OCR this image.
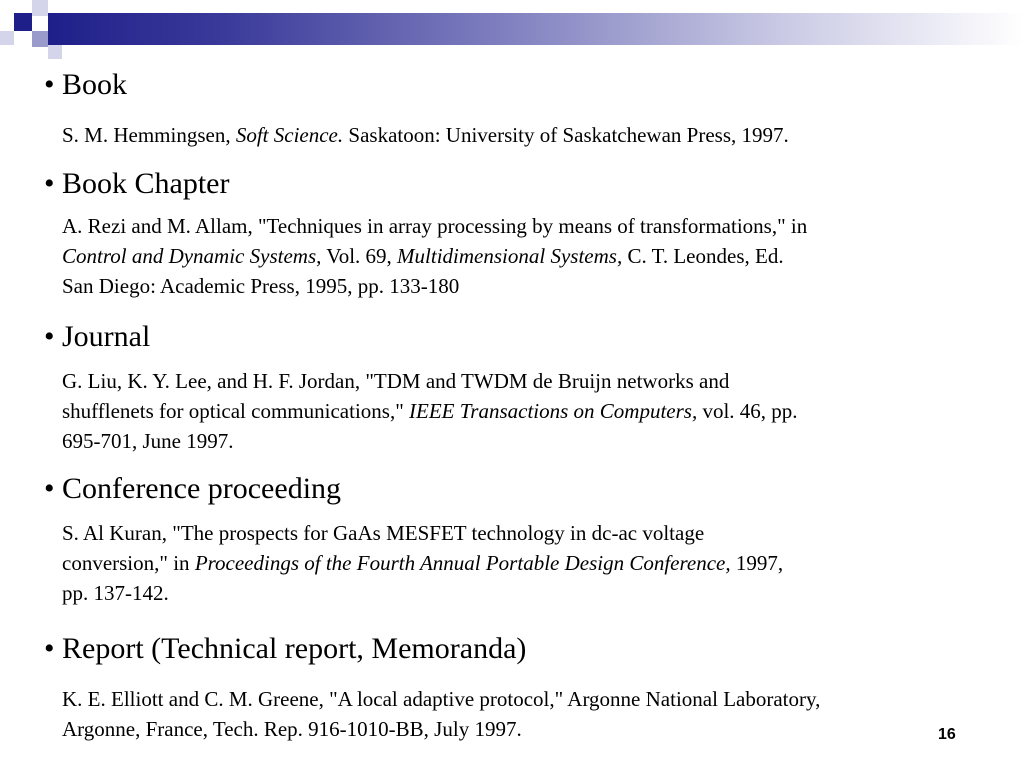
• Book
S. M. Hemmingsen, Soft Science. Saskatoon: University of Saskatchewan Press, 1997.
• Book Chapter
A. Rezi and M. Allam, "Techniques in array processing by means of transformations," in
Control and Dynamic Systems, Vol. 69, Multidimensional Systems, C. T. Leondes, Ed.
San Diego: Academic Press, 1995, pp. 133-180
• Journal
G. Liu, K. Y. Lee, and H. F. Jordan, "TDM and TWDM de Bruijn networks and
shufflenets for optical communications," IEEE Transactions on Computers, vol. 46, pp.
695-701, June 1997.
• Conference proceeding
S. Al Kuran, "The prospects for GaAs MESFET technology in dc-ac voltage
conversion," in Proceedings of the Fourth Annual Portable Design Conference, 1997,
pp. 137-142.
• Report (Technical report, Memoranda)
K. E. Elliott and C. M. Greene, "A local adaptive protocol," Argonne National Laboratory,
Argonne, France, Tech. Rep. 916-1010-BB, July 1997.	16
